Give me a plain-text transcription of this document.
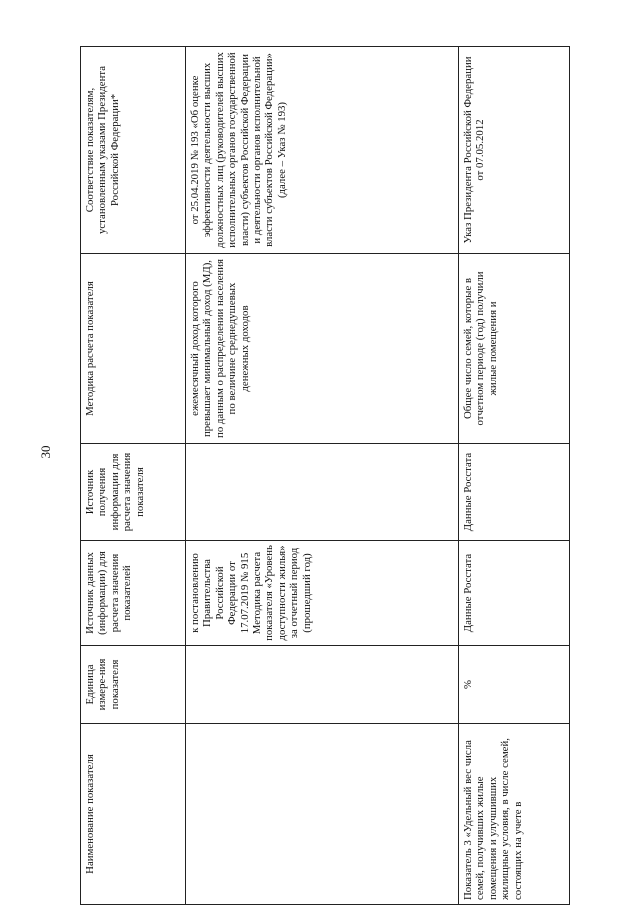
30
Наименование показателя	Единица измере-ния показателя	Источник данных (информации) для расчета значения показателей	Источник получения информации для расчета значения показателя	Методика расчета показателя	Соответствие показателям, установленным указами Президента Российской Федерации*
		к постановлению Правительства Российской Федерации от 17.07.2019 № 915 Методика расчета показателя «Уровень доступности жилья» за отчетный период (прошедший год)		ежемесячный доход которого превышает минимальный доход (МД), по данным о распределении населения по величине среднедушевых денежных доходов	от 25.04.2019 № 193 «Об оценке эффективности деятельности высших должностных лиц (руководителей высших исполнительных органов государственной власти) субъектов Российской Федерации и деятельности органов исполнительной власти субъектов Российской Федерации» (далее – Указ № 193)
Показатель 3 «Удельный вес числа семей, получивших жилые помещения и улучшивших жилищные условия, в числе семей, состоящих на учете в	%	Данные Росстата	Данные Росстата	Общее число семей, которые в отчетном периоде (год) получили жилые помещения и	Указ Президента Российской Федерации от 07.05.2012
